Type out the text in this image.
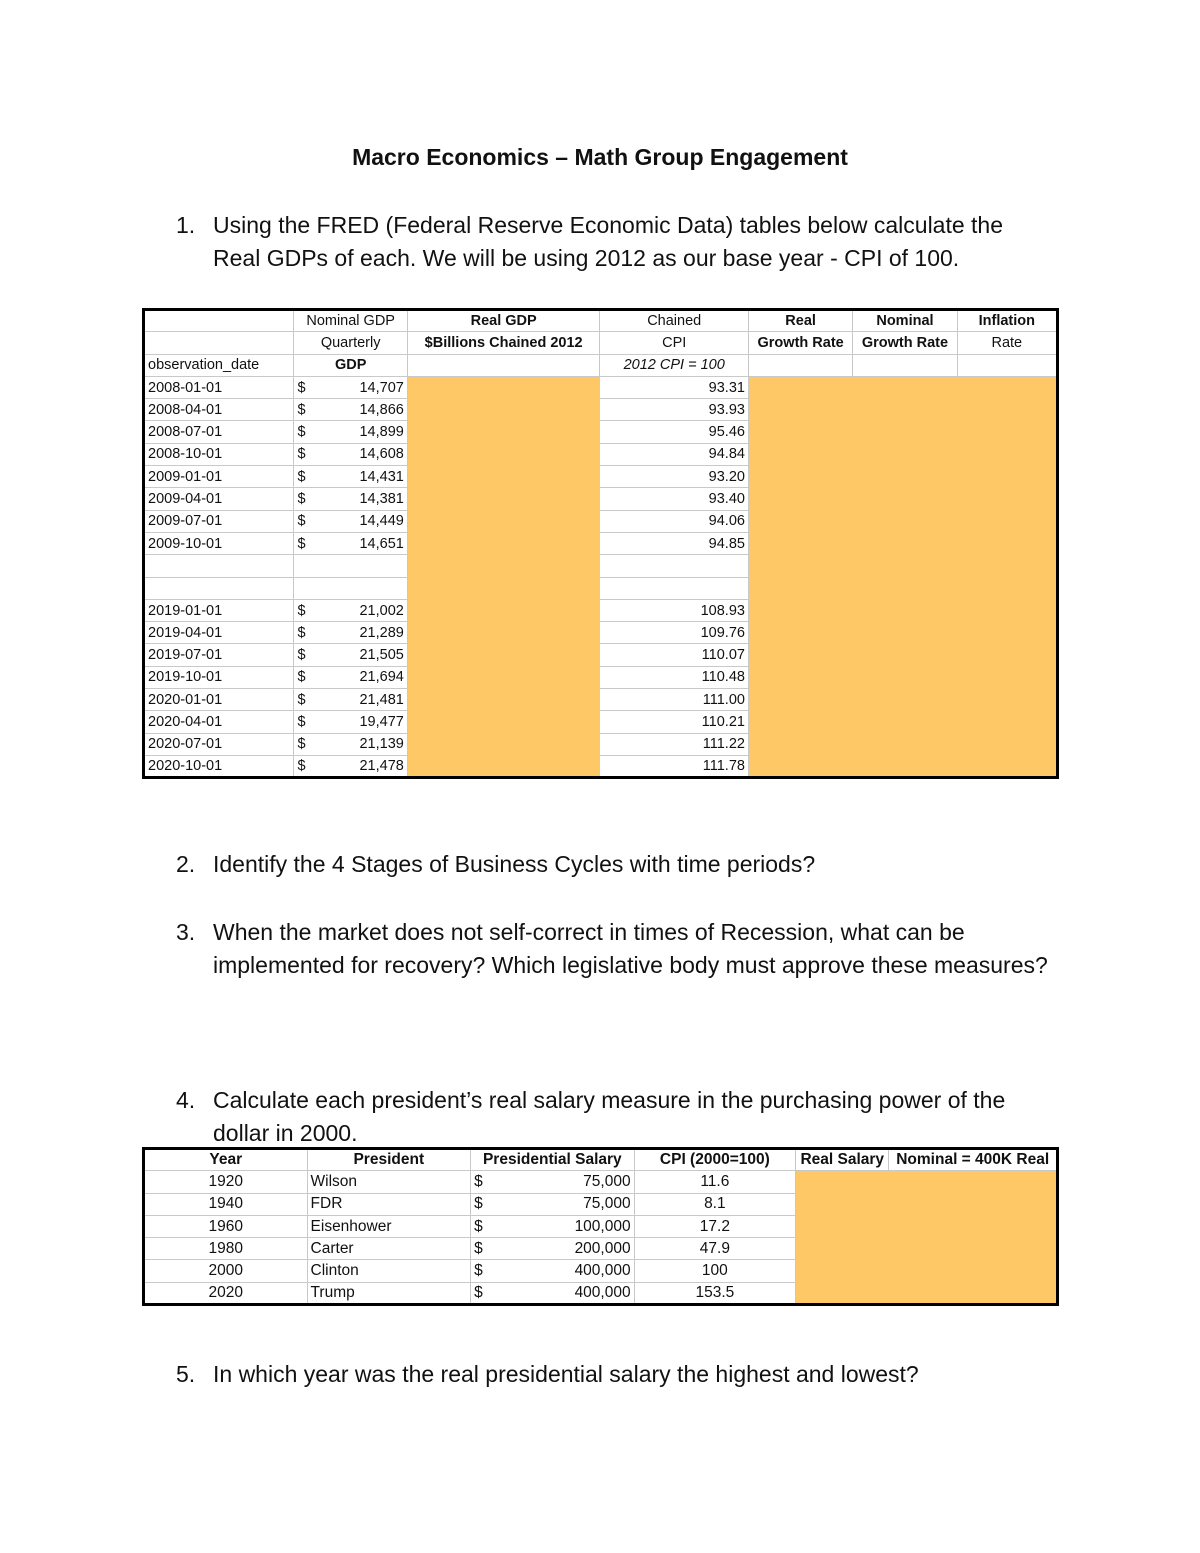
Macro Economics – Math Group Engagement
1. Using the FRED (Federal Reserve Economic Data) tables below calculate the Real GDPs of each. We will be using 2012 as our base year - CPI of 100.
	Nominal GDP	Real GDP	Chained	Real	Nominal	Inflation
	Quarterly	$Billions Chained 2012	CPI	Growth Rate	Growth Rate	Rate
observation_date	GDP		2012 CPI = 100			
2008-01-01	$ 14,707		93.31			
2008-04-01	$ 14,866		93.93			
2008-07-01	$ 14,899		95.46			
2008-10-01	$ 14,608		94.84			
2009-01-01	$ 14,431		93.20			
2009-04-01	$ 14,381		93.40			
2009-07-01	$ 14,449		94.06			
2009-10-01	$ 14,651		94.85			

2019-01-01	$ 21,002		108.93			
2019-04-01	$ 21,289		109.76			
2019-07-01	$ 21,505		110.07			
2019-10-01	$ 21,694		110.48			
2020-01-01	$ 21,481		111.00			
2020-04-01	$ 19,477		110.21			
2020-07-01	$ 21,139		111.22			
2020-10-01	$ 21,478		111.78			
2. Identify the 4 Stages of Business Cycles with time periods?
3. When the market does not self-correct in times of Recession, what can be implemented for recovery? Which legislative body must approve these measures?
4. Calculate each president’s real salary measure in the purchasing power of the dollar in 2000.
Year	President	Presidential Salary	CPI (2000=100)	Real Salary	Nominal = 400K Real
1920	Wilson	$ 75,000	11.6		
1940	FDR	$ 75,000	8.1		
1960	Eisenhower	$ 100,000	17.2		
1980	Carter	$ 200,000	47.9		
2000	Clinton	$ 400,000	100		
2020	Trump	$ 400,000	153.5		
5. In which year was the real presidential salary the highest and lowest?
